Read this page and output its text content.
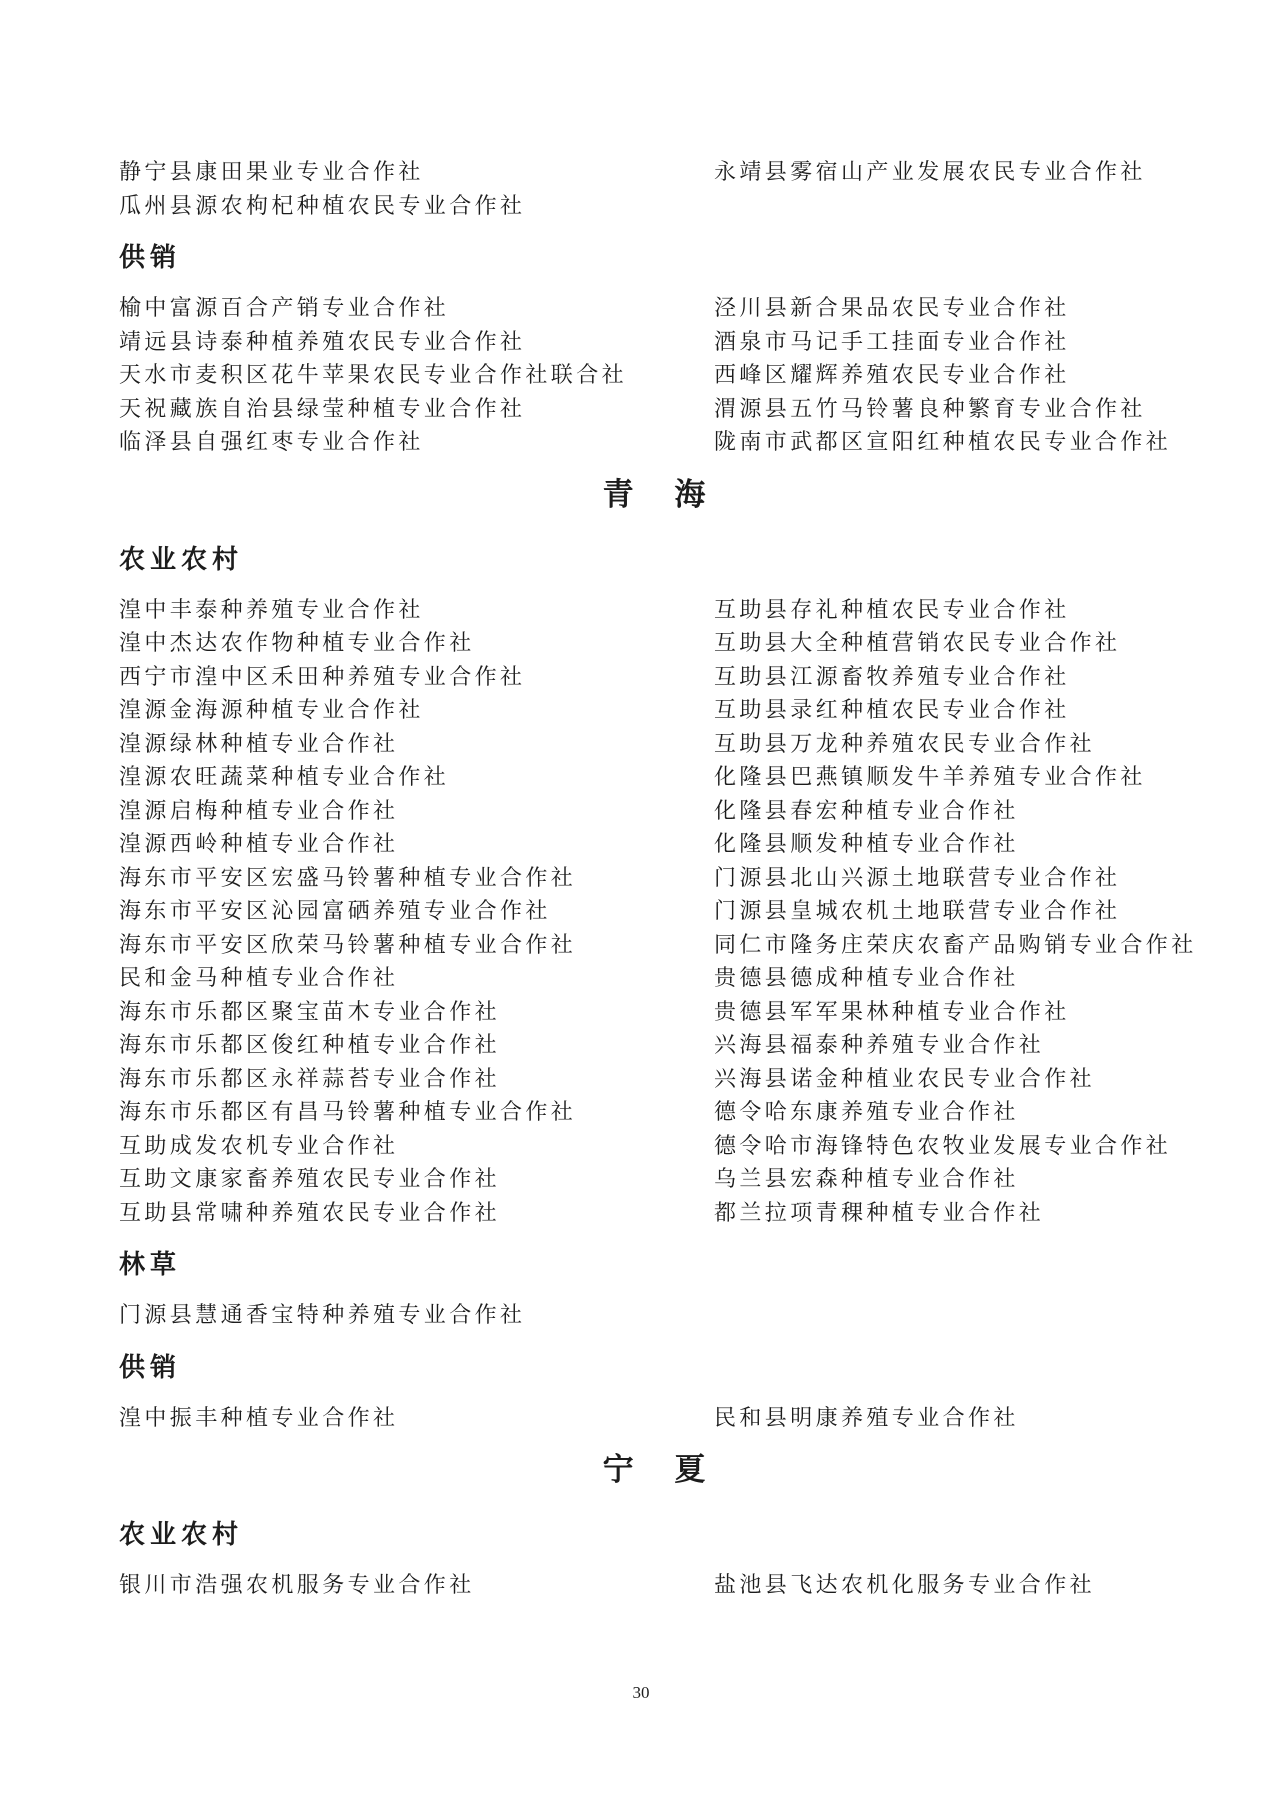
静宁县康田果业专业合作社	永靖县雾宿山产业发展农民专业合作社
瓜州县源农枸杞种植农民专业合作社
供销
榆中富源百合产销专业合作社	泾川县新合果品农民专业合作社
靖远县诗泰种植养殖农民专业合作社	酒泉市马记手工挂面专业合作社
天水市麦积区花牛苹果农民专业合作社联合社	西峰区耀辉养殖农民专业合作社
天祝藏族自治县绿莹种植专业合作社	渭源县五竹马铃薯良种繁育专业合作社
临泽县自强红枣专业合作社	陇南市武都区宣阳红种植农民专业合作社
青 海
农业农村
湟中丰泰种养殖专业合作社	互助县存礼种植农民专业合作社
湟中杰达农作物种植专业合作社	互助县大全种植营销农民专业合作社
西宁市湟中区禾田种养殖专业合作社	互助县江源畜牧养殖专业合作社
湟源金海源种植专业合作社	互助县录红种植农民专业合作社
湟源绿林种植专业合作社	互助县万龙种养殖农民专业合作社
湟源农旺蔬菜种植专业合作社	化隆县巴燕镇顺发牛羊养殖专业合作社
湟源启梅种植专业合作社	化隆县春宏种植专业合作社
湟源西岭种植专业合作社	化隆县顺发种植专业合作社
海东市平安区宏盛马铃薯种植专业合作社	门源县北山兴源土地联营专业合作社
海东市平安区沁园富硒养殖专业合作社	门源县皇城农机土地联营专业合作社
海东市平安区欣荣马铃薯种植专业合作社	同仁市隆务庄荣庆农畜产品购销专业合作社
民和金马种植专业合作社	贵德县德成种植专业合作社
海东市乐都区聚宝苗木专业合作社	贵德县军军果林种植专业合作社
海东市乐都区俊红种植专业合作社	兴海县福泰种养殖专业合作社
海东市乐都区永祥蒜苔专业合作社	兴海县诺金种植业农民专业合作社
海东市乐都区有昌马铃薯种植专业合作社	德令哈东康养殖专业合作社
互助成发农机专业合作社	德令哈市海锋特色农牧业发展专业合作社
互助文康家畜养殖农民专业合作社	乌兰县宏森种植专业合作社
互助县常啸种养殖农民专业合作社	都兰拉项青稞种植专业合作社
林草
门源县慧通香宝特种养殖专业合作社
供销
湟中振丰种植专业合作社	民和县明康养殖专业合作社
宁 夏
农业农村
银川市浩强农机服务专业合作社	盐池县飞达农机化服务专业合作社
30
